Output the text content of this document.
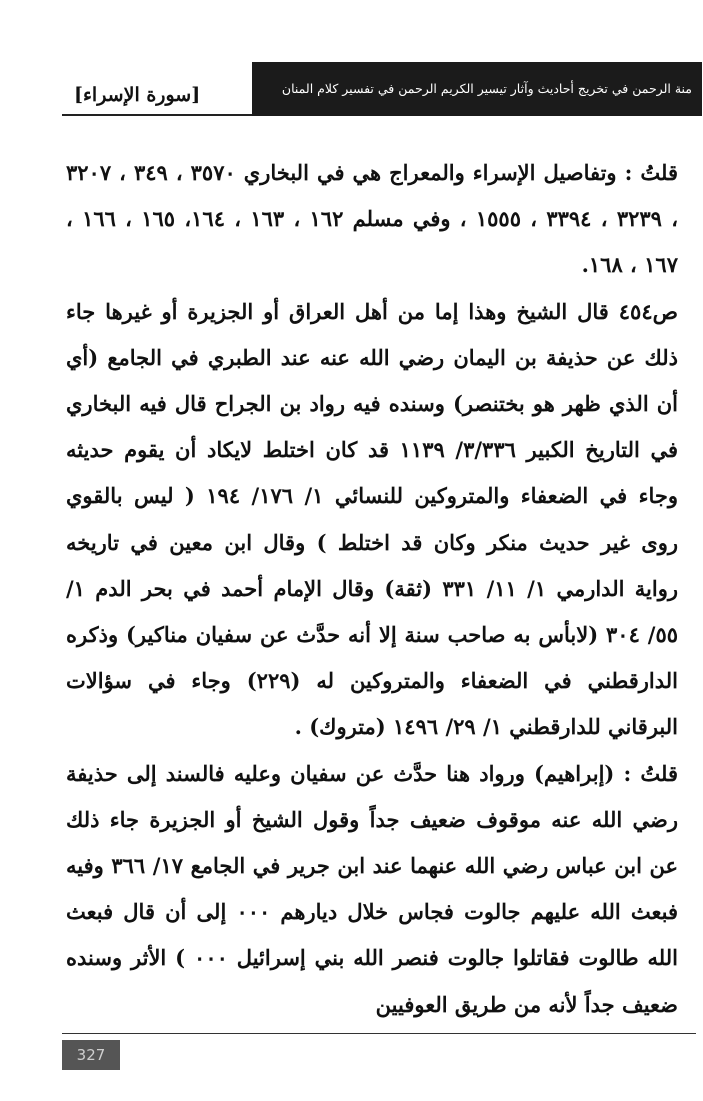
منة الرحمن في تخريج أحاديث وآثار تيسير الكريم الرحمن في تفسير كلام المنان
[سورة الإسراء]

قلتُ : وتفاصيل الإسراء والمعراج هي في البخاري ٣٥٧٠ ، ٣٤٩ ، ٣٢٠٧ ، ٣٢٣٩ ، ٣٣٩٤ ، ١٥٥٥ ، وفي مسلم ١٦٢ ، ١٦٣ ، ١٦٤، ١٦٥ ، ١٦٦ ، ١٦٧ ، ١٦٨.

ص٤٥٤ قال الشيخ وهذا إما من أهل العراق أو الجزيرة أو غيرها جاء ذلك عن حذيفة بن اليمان رضي الله عنه عند الطبري في الجامع (أي أن الذي ظهر هو بختنصر) وسنده فيه رواد بن الجراح قال فيه البخاري في التاريخ الكبير ٣/٣٣٦/ ١١٣٩ قد كان اختلط لايكاد أن يقوم حديثه وجاء في الضعفاء والمتروكين للنسائي ١/ ١٧٦/ ١٩٤ ( ليس بالقوي روى غير حديث منكر وكان قد اختلط ) وقال ابن معين في تاريخه رواية الدارمي ١/ ١١/ ٣٣١ (ثقة) وقال الإمام أحمد في بحر الدم ١/ ٥٥/ ٣٠٤ (لابأس به صاحب سنة إلا أنه حدَّث عن سفيان مناكير) وذكره الدارقطني في الضعفاء والمتروكين له (٢٢٩) وجاء في سؤالات البرقاني للدارقطني ١/ ٢٩/ ١٤٩٦ (متروك) .

قلتُ : (إبراهيم) ورواد هنا حدَّث عن سفيان وعليه فالسند إلى حذيفة رضي الله عنه موقوف ضعيف جداً وقول الشيخ أو الجزيرة جاء ذلك عن ابن عباس رضي الله عنهما عند ابن جرير في الجامع ١٧/ ٣٦٦ وفيه فبعث الله عليهم جالوت فجاس خلال ديارهم ٠٠٠ إلى أن قال فبعث الله طالوت فقاتلوا جالوت فنصر الله بني إسرائيل ٠٠٠ ) الأثر وسنده ضعيف جداً لأنه من طريق العوفيين

327
